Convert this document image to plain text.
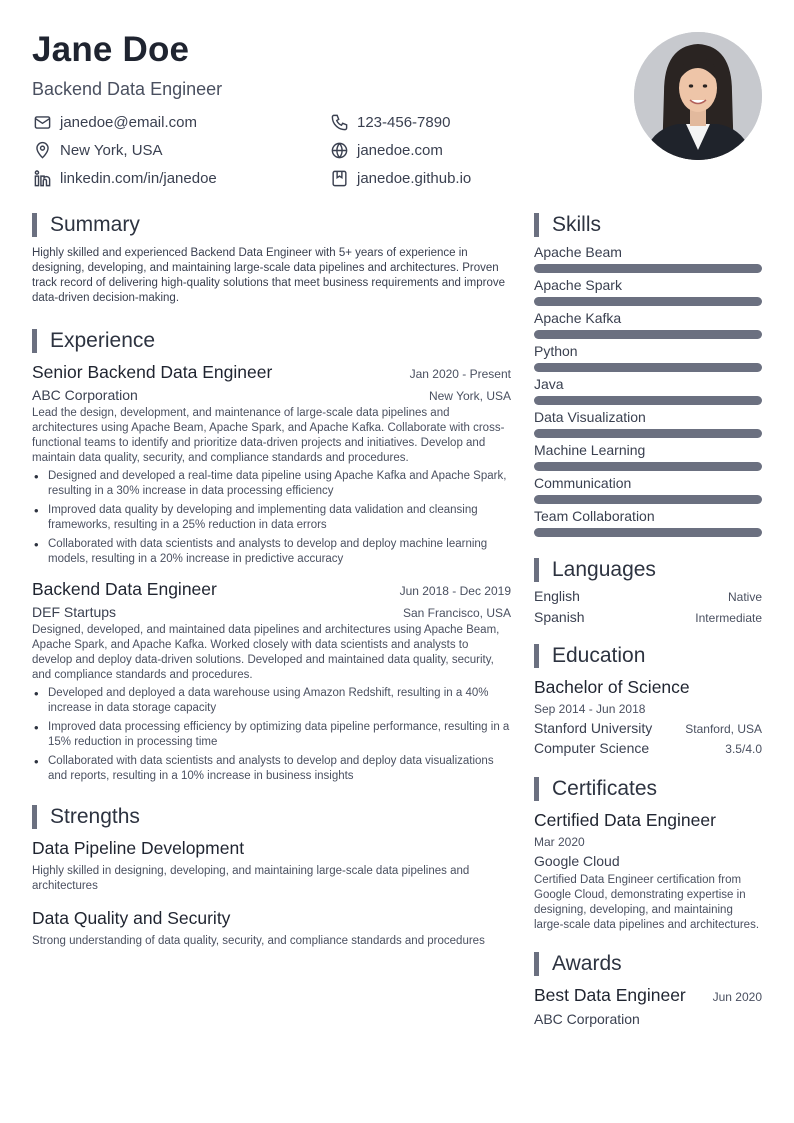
Jane Doe
Backend Data Engineer
janedoe@email.com	123-456-7890
New York, USA	janedoe.com
linkedin.com/in/janedoe	janedoe.github.io
Summary
Highly skilled and experienced Backend Data Engineer with 5+ years of experience in designing, developing, and maintaining large-scale data pipelines and architectures. Proven track record of delivering high-quality solutions that meet business requirements and improve data-driven decision-making.
Experience
Senior Backend Data Engineer	Jan 2020 - Present
ABC Corporation	New York, USA
Lead the design, development, and maintenance of large-scale data pipelines and architectures using Apache Beam, Apache Spark, and Apache Kafka. Collaborate with cross-functional teams to identify and prioritize data-driven projects and initiatives. Develop and maintain data quality, security, and compliance standards and procedures.
• Designed and developed a real-time data pipeline using Apache Kafka and Apache Spark, resulting in a 30% increase in data processing efficiency
• Improved data quality by developing and implementing data validation and cleansing frameworks, resulting in a 25% reduction in data errors
• Collaborated with data scientists and analysts to develop and deploy machine learning models, resulting in a 20% increase in predictive accuracy
Backend Data Engineer	Jun 2018 - Dec 2019
DEF Startups	San Francisco, USA
Designed, developed, and maintained data pipelines and architectures using Apache Beam, Apache Spark, and Apache Kafka. Worked closely with data scientists and analysts to develop and deploy data-driven solutions. Developed and maintained data quality, security, and compliance standards and procedures.
• Developed and deployed a data warehouse using Amazon Redshift, resulting in a 40% increase in data storage capacity
• Improved data processing efficiency by optimizing data pipeline performance, resulting in a 15% reduction in processing time
• Collaborated with data scientists and analysts to develop and deploy data visualizations and reports, resulting in a 10% increase in business insights
Strengths
Data Pipeline Development
Highly skilled in designing, developing, and maintaining large-scale data pipelines and architectures
Data Quality and Security
Strong understanding of data quality, security, and compliance standards and procedures
Skills
Apache Beam
Apache Spark
Apache Kafka
Python
Java
Data Visualization
Machine Learning
Communication
Team Collaboration
Languages
English	Native
Spanish	Intermediate
Education
Bachelor of Science
Sep 2014 - Jun 2018
Stanford University	Stanford, USA
Computer Science	3.5/4.0
Certificates
Certified Data Engineer
Mar 2020
Google Cloud
Certified Data Engineer certification from Google Cloud, demonstrating expertise in designing, developing, and maintaining large-scale data pipelines and architectures.
Awards
Best Data Engineer Jun 2020
ABC Corporation
